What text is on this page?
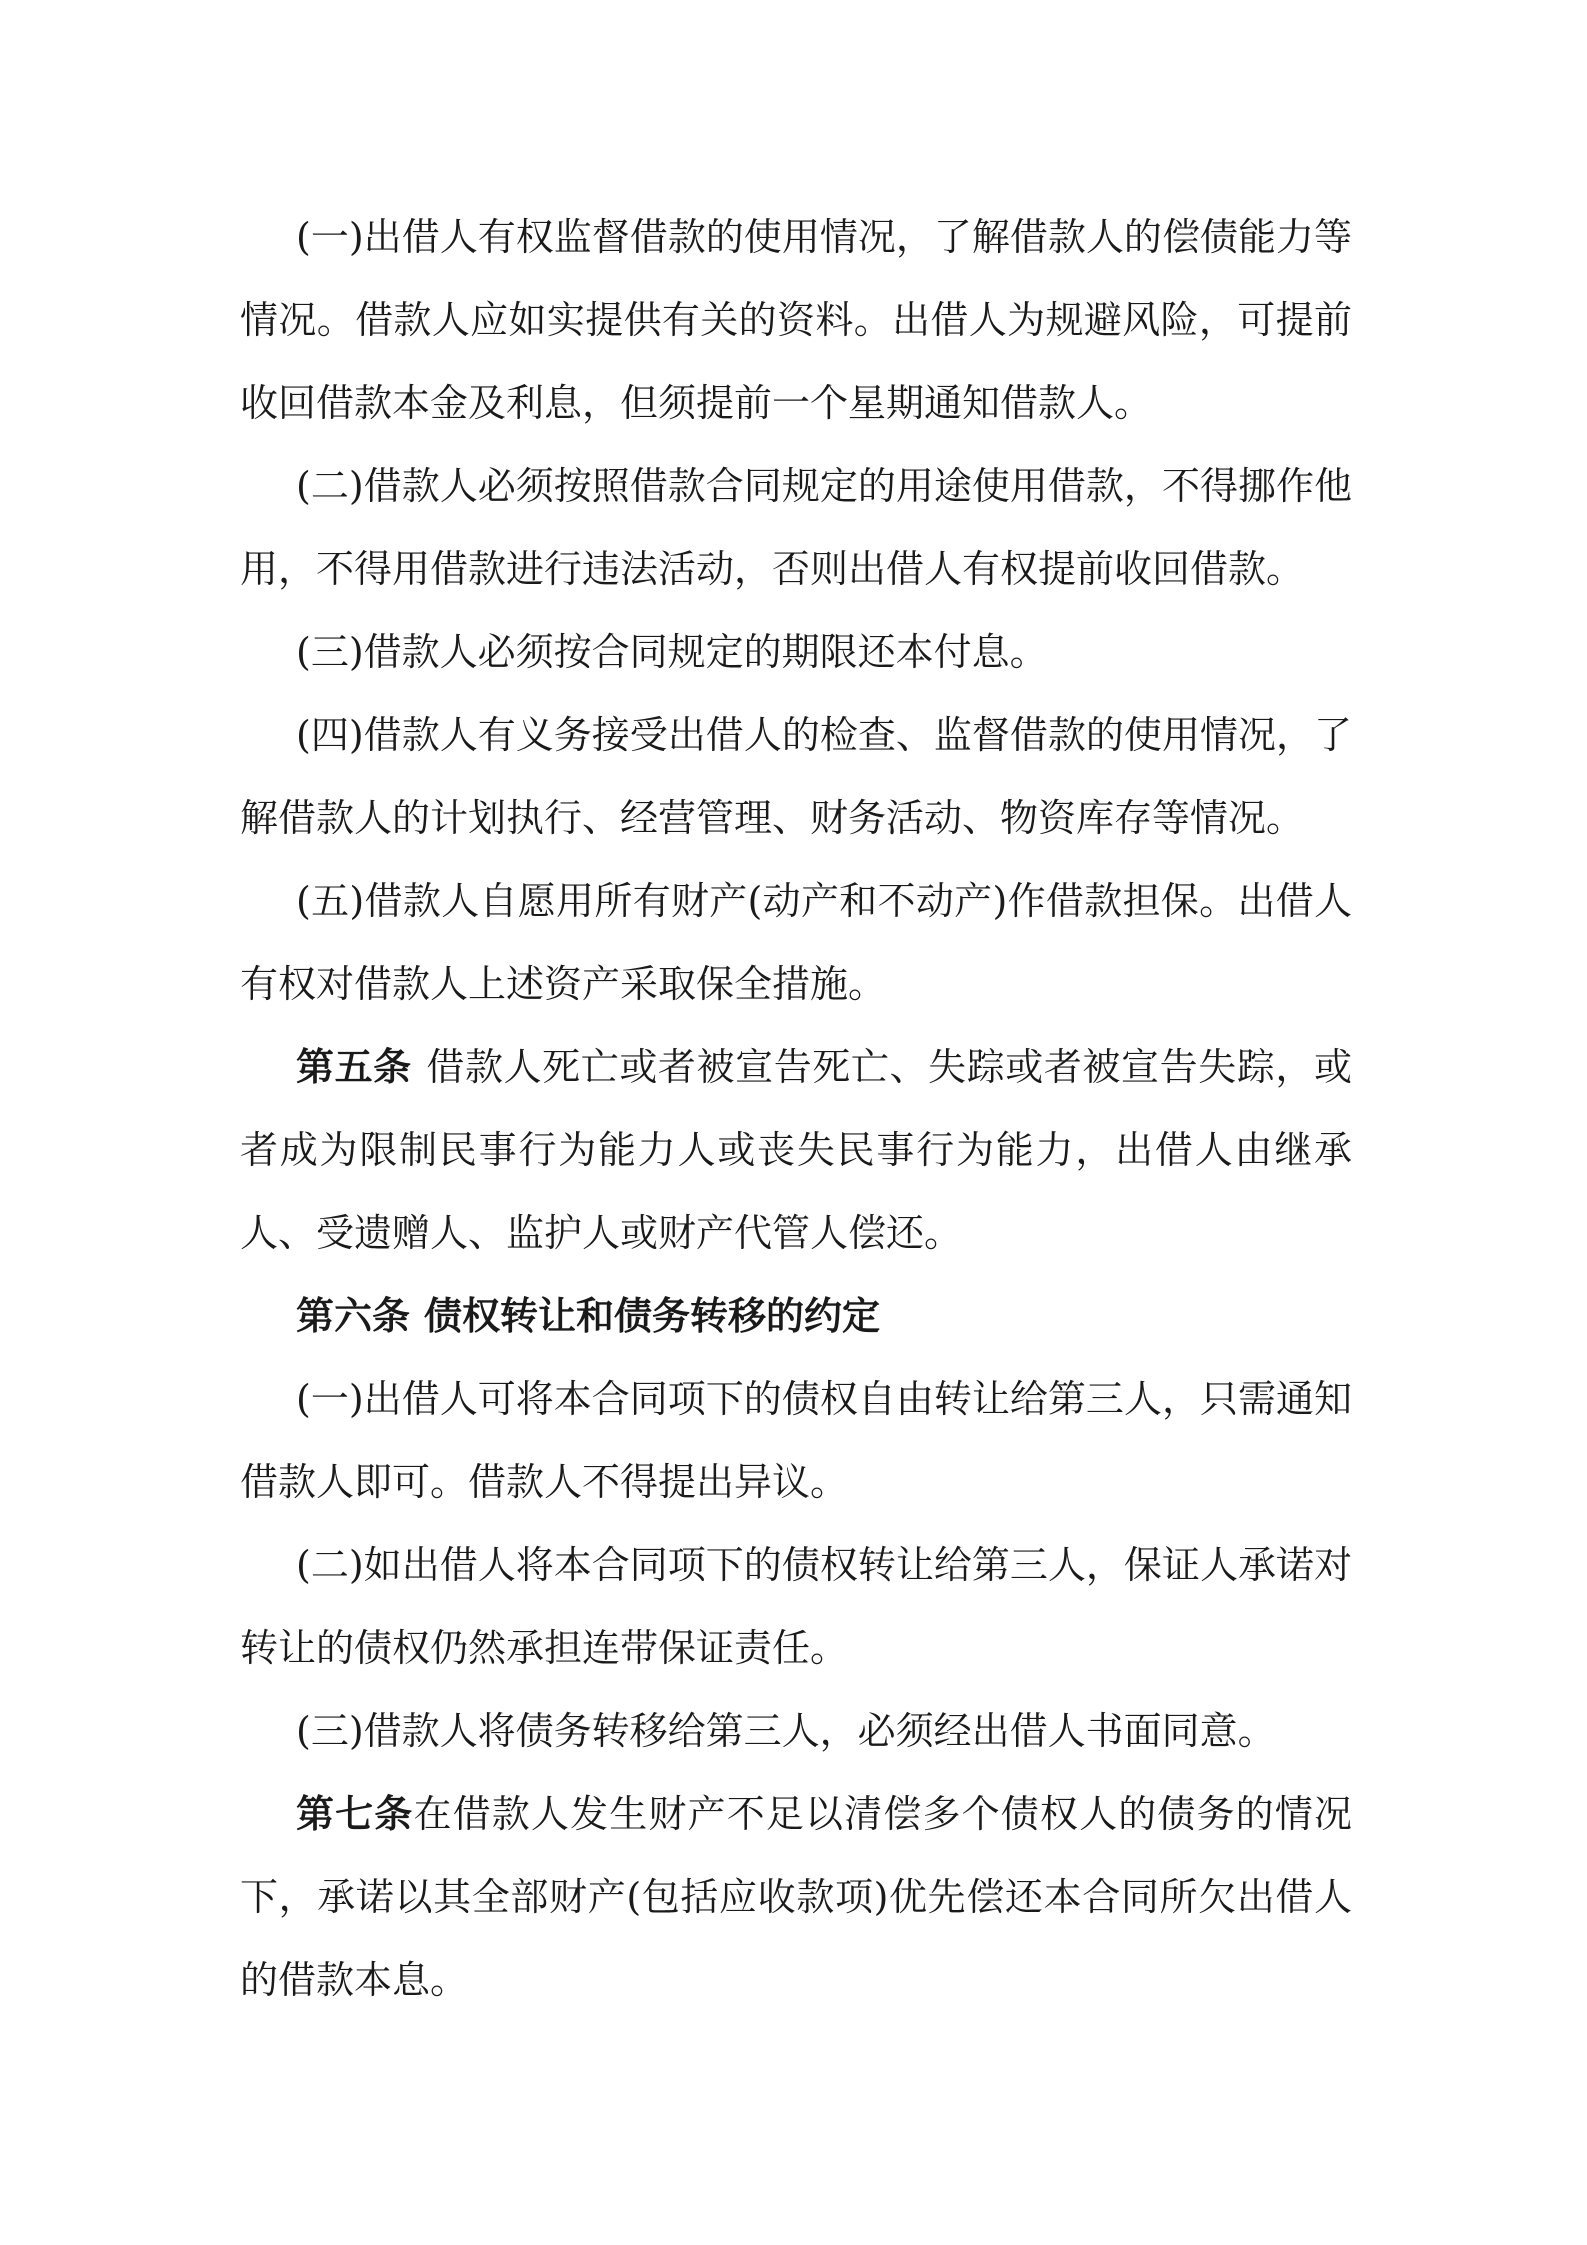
(一)出借人有权监督借款的使用情况，了解借款人的偿债能力等情况。借款人应如实提供有关的资料。出借人为规避风险，可提前收回借款本金及利息，但须提前一个星期通知借款人。

(二)借款人必须按照借款合同规定的用途使用借款，不得挪作他用，不得用借款进行违法活动，否则出借人有权提前收回借款。

(三)借款人必须按合同规定的期限还本付息。

(四)借款人有义务接受出借人的检查、监督借款的使用情况，了解借款人的计划执行、经营管理、财务活动、物资库存等情况。

(五)借款人自愿用所有财产(动产和不动产)作借款担保。出借人有权对借款人上述资产采取保全措施。

第五条 借款人死亡或者被宣告死亡、失踪或者被宣告失踪，或者成为限制民事行为能力人或丧失民事行为能力，出借人由继承人、受遗赠人、监护人或财产代管人偿还。

第六条 债权转让和债务转移的约定

(一)出借人可将本合同项下的债权自由转让给第三人，只需通知借款人即可。借款人不得提出异议。

(二)如出借人将本合同项下的债权转让给第三人，保证人承诺对转让的债权仍然承担连带保证责任。

(三)借款人将债务转移给第三人，必须经出借人书面同意。

第七条在借款人发生财产不足以清偿多个债权人的债务的情况下，承诺以其全部财产(包括应收款项)优先偿还本合同所欠出借人的借款本息。
